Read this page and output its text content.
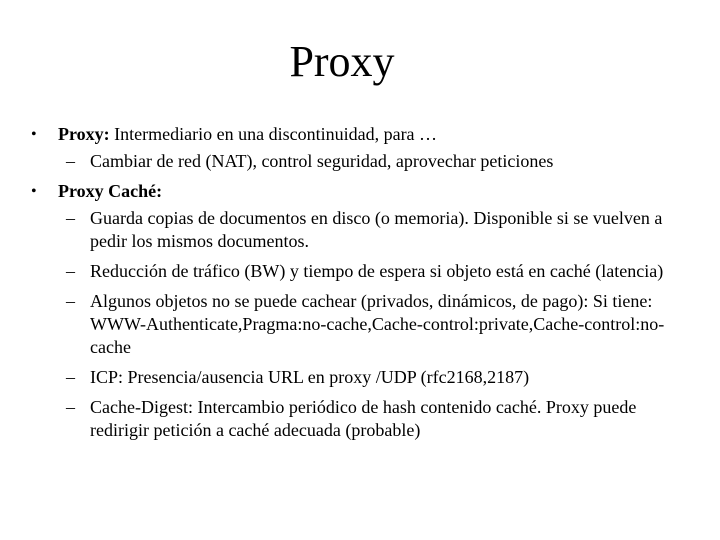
Proxy
•	Proxy: Intermediario en una discontinuidad, para …
– Cambiar de red (NAT), control seguridad, aprovechar peticiones
•	Proxy Caché:
– Guarda copias de documentos en disco (o memoria). Disponible si se vuelven a pedir los mismos documentos.
– Reducción de tráfico (BW) y tiempo de espera si objeto está en caché (latencia)
– Algunos objetos no se puede cachear (privados, dinámicos, de pago): Si tiene: WWW-Authenticate,Pragma:no-cache,Cache-control:private,Cache-control:no-cache
– ICP: Presencia/ausencia URL en proxy /UDP (rfc2168,2187)
– Cache-Digest: Intercambio periódico de hash contenido caché. Proxy puede redirigir petición a caché adecuada (probable)
